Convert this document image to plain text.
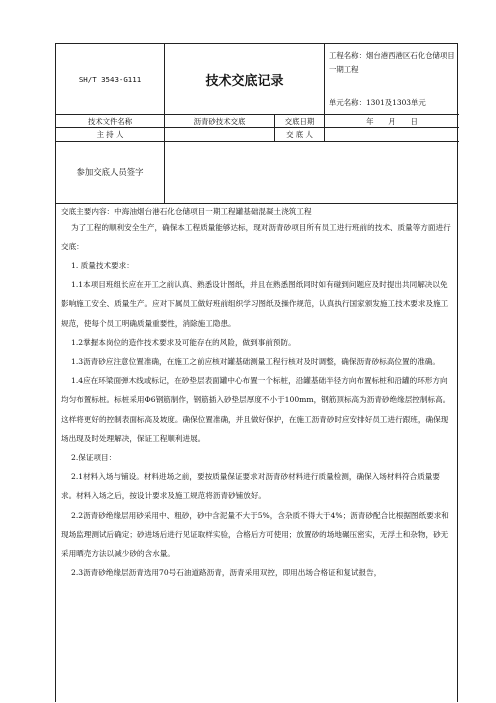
SH/T 3543-G111	技术交底记录
工程名称：烟台港西港区石化仓储项目一期工程
单元名称：1301及1303单元
技术文件名称	沥青砂技术交底	交底日期	年　　月　　日
主 持 人	交 底 人
参加交底人员签字

交底主要内容：中海油烟台港石化仓储项目一期工程罐基础混凝土浇筑工程

为了工程的顺利安全生产，确保本工程质量能够达标，现对沥青砂项目所有员工进行班前的技术、质量等方面进行交底：

1. 质量技术要求：

1.1本项目班组长应在开工之前认真、熟悉设计图纸，并且在熟悉图纸同时如有碰到问题应及时提出共同解决以免影响施工安全、质量生产。应对下属员工做好班前组织学习图纸及操作规范，认真执行国家颁发施工技术要求及施工规范，使每个员工明确质量重要性，消除施工隐患。

1.2掌握本岗位的造作技术要求及可能存在的风险，做到事前预防。

1.3沥青砂应注意位置准确，在施工之前应核对罐基础测量工程行核对及时调整，确保沥青砂标高位置的准确。

1.4应在环梁面弹木线或标记，在砂垫层表面罐中心布置一个标桩，沿罐基础半径方向布置标桩和沿罐的环形方向均匀布置标桩。标桩采用Φ6钢筋制作，钢筋插入砂垫层厚度不小于100mm，钢筋顶标高为沥青砂绝缘层控制标高。这样将更好的控制表面标高及坡度。确保位置准确，并且做好保护，在施工沥青砂时应安排好员工进行跟班，确保现场出现及时处理解决，保证工程顺利进展。

2.保证项目：

2.1材料入场与铺设。材料进场之前，要按质量保证要求对沥青砂材料进行质量检测，确保入场材料符合质量要求。材料入场之后，按设计要求及施工规范将沥青砂铺放好。

2.2沥青砂绝缘层用砂采用中、粗砂，砂中含泥量不大于5%，含杂质不得大于4%；沥青砂配合比根据图纸要求和现场监理测试后确定；砂进场后进行见证取样实验，合格后方可使用；放置砂的场地碾压密实，无浮土和杂物，砂无采用晒売方法以减少砂的含水量。

2.3沥青砂绝缘层沥青选用70号石油道路沥青，沥青采用双控，即用出场合格证和复试报告，
